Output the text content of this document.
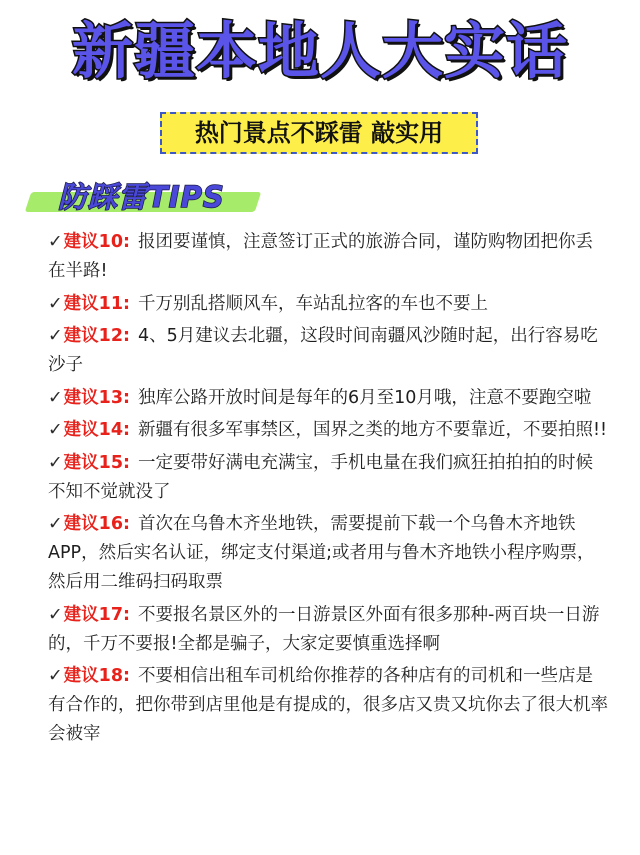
新疆本地人大实话
热门景点不踩雷 敲实用
防踩雷TIPS
✓建议10: 报团要谨慎，注意签订正式的旅游合同，谨防购物团把你丢在半路!
✓建议11: 千万别乱搭顺风车，车站乱拉客的车也不要上
✓建议12: 4、5月建议去北疆，这段时间南疆风沙随时起，出行容易吃沙子
✓建议13: 独库公路开放时间是每年的6月至10月哦，注意不要跑空啦
✓建议14: 新疆有很多军事禁区，国界之类的地方不要靠近，不要拍照!!
✓建议15: 一定要带好满电充满宝，手机电量在我们疯狂拍拍拍的时候不知不觉就没了
✓建议16: 首次在乌鲁木齐坐地铁，需要提前下载一个乌鲁木齐地铁APP，然后实名认证，绑定支付渠道;或者用与鲁木齐地铁小程序购票，然后用二维码扫码取票
✓建议17: 不要报名景区外的一日游景区外面有很多那种-两百块一日游的，千万不要报!全都是骗子，大家定要慎重选择啊
✓建议18: 不要相信出租车司机给你推荐的各种店有的司机和一些店是有合作的，把你带到店里他是有提成的，很多店又贵又坑你去了很大机率会被宰
